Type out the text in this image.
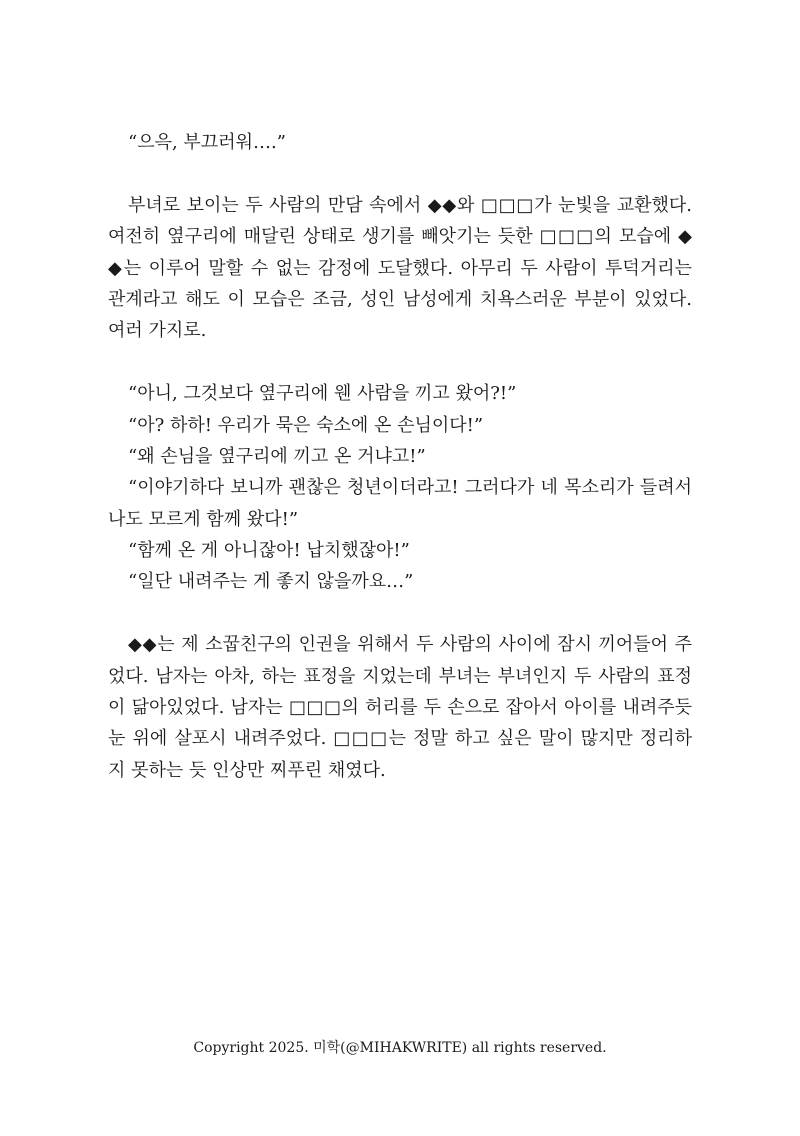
“으윽, 부끄러워….”
부녀로 보이는 두 사람의 만담 속에서 ◆◆와 □□□가 눈빛을 교환했다.
여전히 옆구리에 매달린 상태로 생기를 빼앗기는 듯한 □□□의 모습에 ◆
◆는 이루어 말할 수 없는 감정에 도달했다. 아무리 두 사람이 투덕거리는
관계라고 해도 이 모습은 조금, 성인 남성에게 치욕스러운 부분이 있었다.
여러 가지로.
“아니, 그것보다 옆구리에 웬 사람을 끼고 왔어?!”
“아? 하하! 우리가 묵은 숙소에 온 손님이다!”
“왜 손님을 옆구리에 끼고 온 거냐고!”
“이야기하다 보니까 괜찮은 청년이더라고! 그러다가 네 목소리가 들려서
나도 모르게 함께 왔다!”
“함께 온 게 아니잖아! 납치했잖아!”
“일단 내려주는 게 좋지 않을까요…”
◆◆는 제 소꿉친구의 인권을 위해서 두 사람의 사이에 잠시 끼어들어 주
었다. 남자는 아차, 하는 표정을 지었는데 부녀는 부녀인지 두 사람의 표정
이 닮아있었다. 남자는 □□□의 허리를 두 손으로 잡아서 아이를 내려주듯
눈 위에 살포시 내려주었다. □□□는 정말 하고 싶은 말이 많지만 정리하
지 못하는 듯 인상만 찌푸린 채였다.
Copyright 2025. 미학(@MIHAKWRITE) all rights reserved.
